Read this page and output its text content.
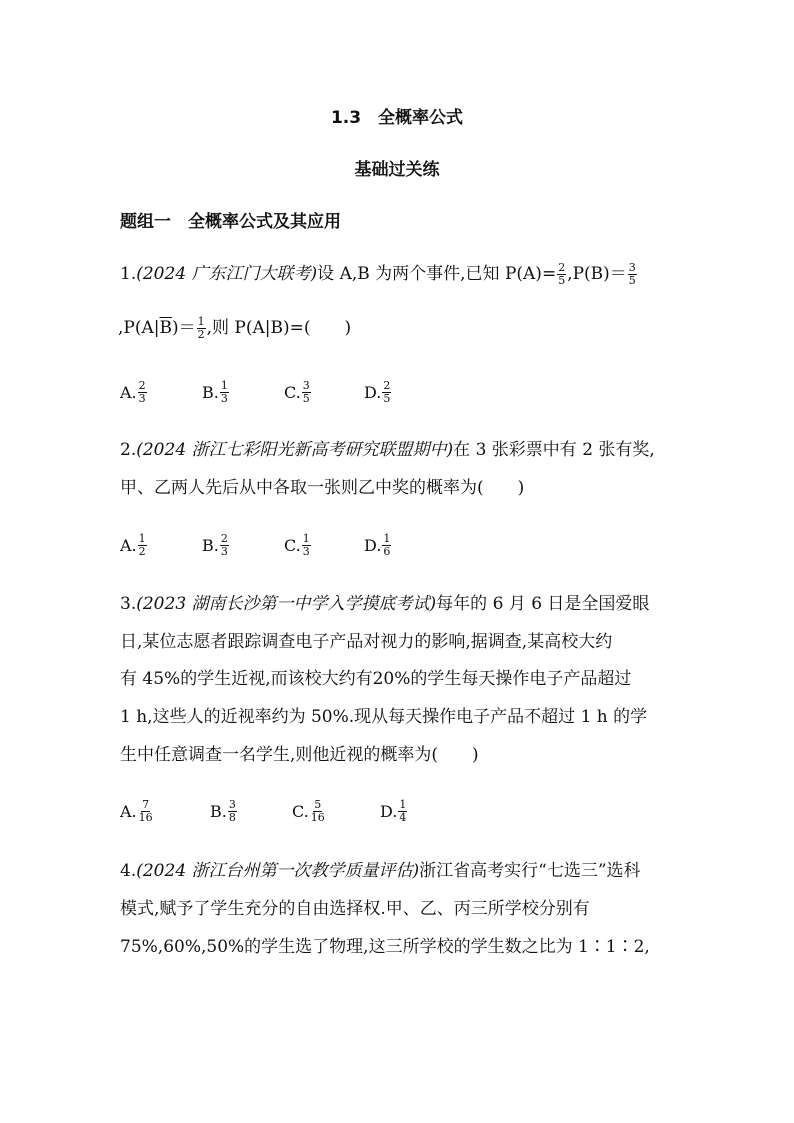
1.3　全概率公式
基础过关练
题组一　全概率公式及其应用
1.(2024 广东江门大联考)设 A,B 为两个事件,已知 $P(A)= \frac{2}{5} ,P(B)= \frac{3}{5}$
$,P(A|\overline{B})= \frac{1}{2}$ ,则 P(A|B)=(　　)
A. $\frac{2}{3}$	B. $\frac{1}{3}$	C. $\frac{3}{5}$	D. $\frac{2}{5}$
2.(2024 浙江七彩阳光新高考研究联盟期中)在 3 张彩票中有 2 张有奖,
甲、乙两人先后从中各取一张则乙中奖的概率为(　　)
A. $\frac{1}{2}$	B. $\frac{2}{3}$	C. $\frac{1}{3}$	D. $\frac{1}{6}$
3.(2023 湖南长沙第一中学入学摸底考试)每年的 6 月 6 日是全国爱眼
日,某位志愿者跟踪调查电子产品对视力的影响,据调查,某高校大约
有 45%的学生近视,而该校大约有20%的学生每天操作电子产品超过
1 h,这些人的近视率约为 50%.现从每天操作电子产品不超过 1 h 的学
生中任意调查一名学生,则他近视的概率为(　　)
A. $\frac{7}{16}$	B. $\frac{3}{8}$	C. $\frac{5}{16}$	D. $\frac{1}{4}$
4.(2024 浙江台州第一次教学质量评估)浙江省高考实行“七选三”选科
模式,赋予了学生充分的自由选择权.甲、乙、丙三所学校分别有
75%,60%,50%的学生选了物理,这三所学校的学生数之比为 1∶1∶2,
